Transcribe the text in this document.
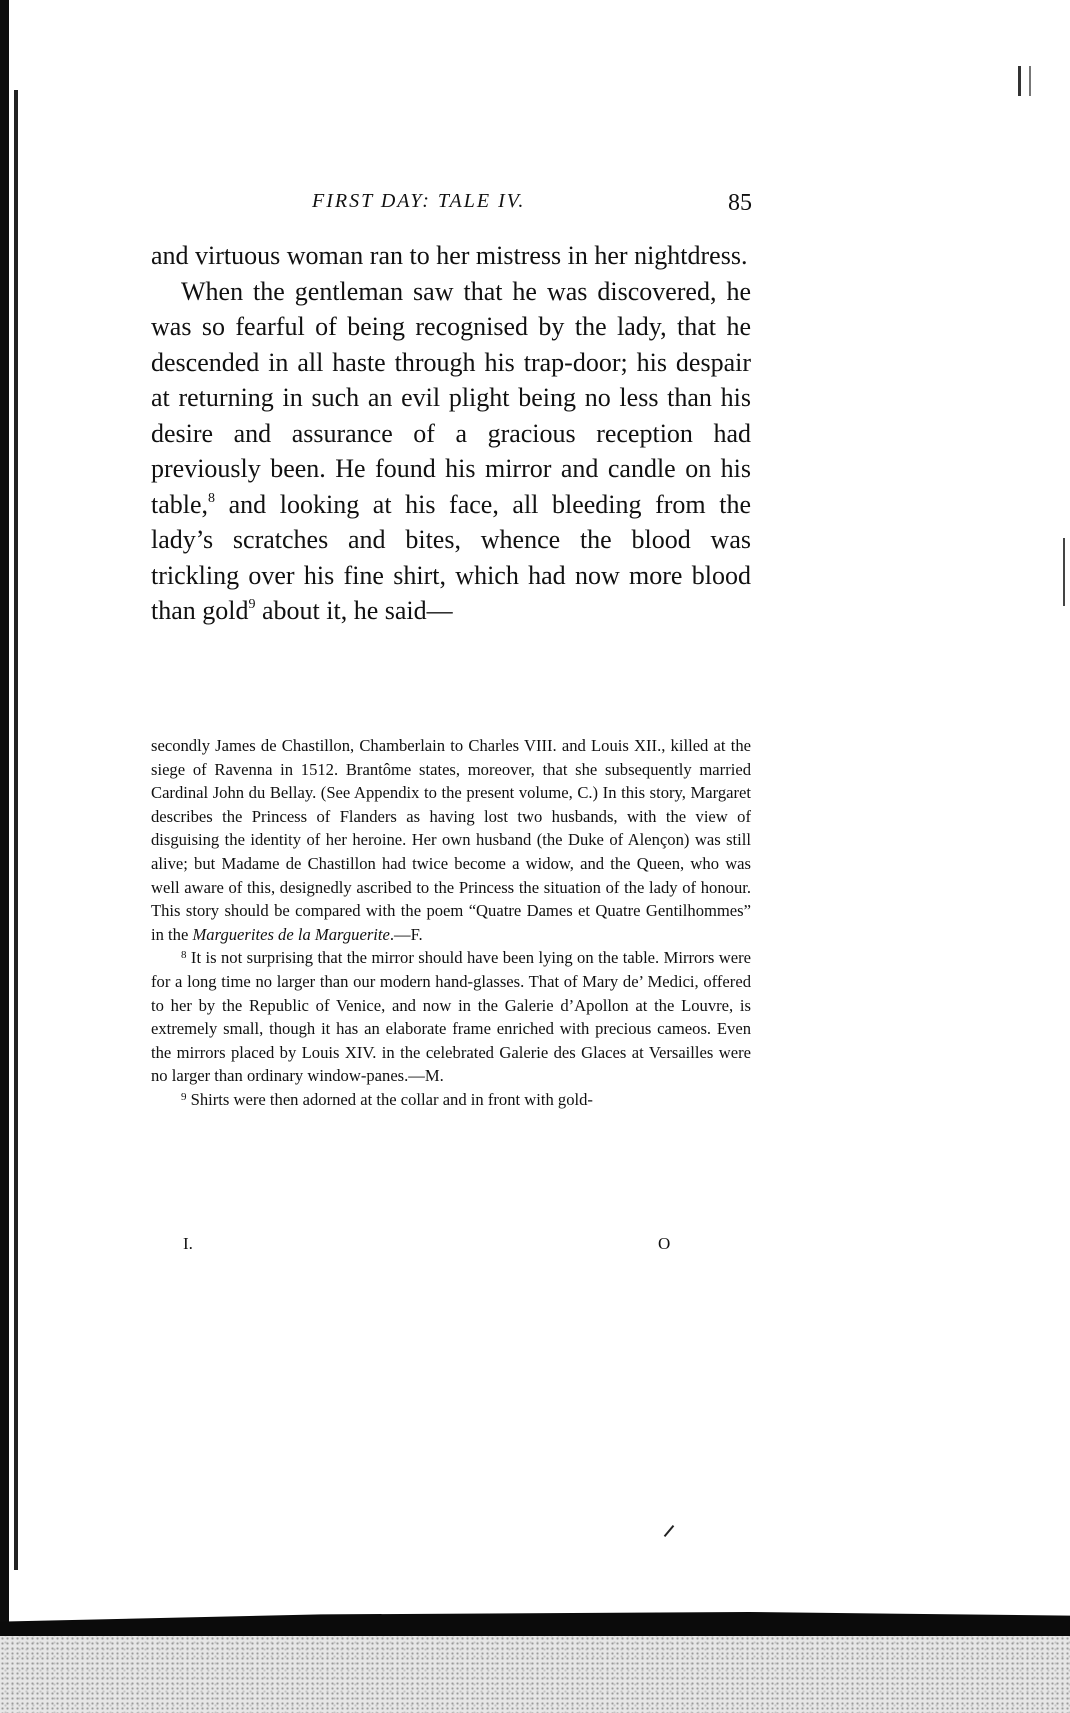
FIRST DAY: TALE IV.	85

and virtuous woman ran to her mistress in her nightdress.

When the gentleman saw that he was discovered, he was so fearful of being recognised by the lady, that he descended in all haste through his trap-door; his despair at returning in such an evil plight being no less than his desire and assurance of a gracious reception had previously been. He found his mirror and candle on his table,$^8$ and looking at his face, all bleeding from the lady’s scratches and bites, whence the blood was trickling over his fine shirt, which had now more blood than gold$^9$ about it, he said—

secondly James de Chastillon, Chamberlain to Charles VIII. and Louis XII., killed at the siege of Ravenna in 1512. Brantôme states, moreover, that she subsequently married Cardinal John du Bellay. (See Appendix to the present volume, C.) In this story, Margaret describes the Princess of Flanders as having lost two husbands, with the view of disguising the identity of her heroine. Her own husband (the Duke of Alençon) was still alive; but Madame de Chastillon had twice become a widow, and the Queen, who was well aware of this, designedly ascribed to the Princess the situation of the lady of honour. This story should be compared with the poem “Quatre Dames et Quatre Gentilhommes” in the Marguerites de la Marguerite.—F.

$^8$ It is not surprising that the mirror should have been lying on the table. Mirrors were for a long time no larger than our modern hand-glasses. That of Mary de’ Medici, offered to her by the Republic of Venice, and now in the Galerie d’Apollon at the Louvre, is extremely small, though it has an elaborate frame enriched with precious cameos. Even the mirrors placed by Louis XIV. in the celebrated Galerie des Glaces at Versailles were no larger than ordinary window-panes.—M.

$^9$ Shirts were then adorned at the collar and in front with gold-

I.	O
